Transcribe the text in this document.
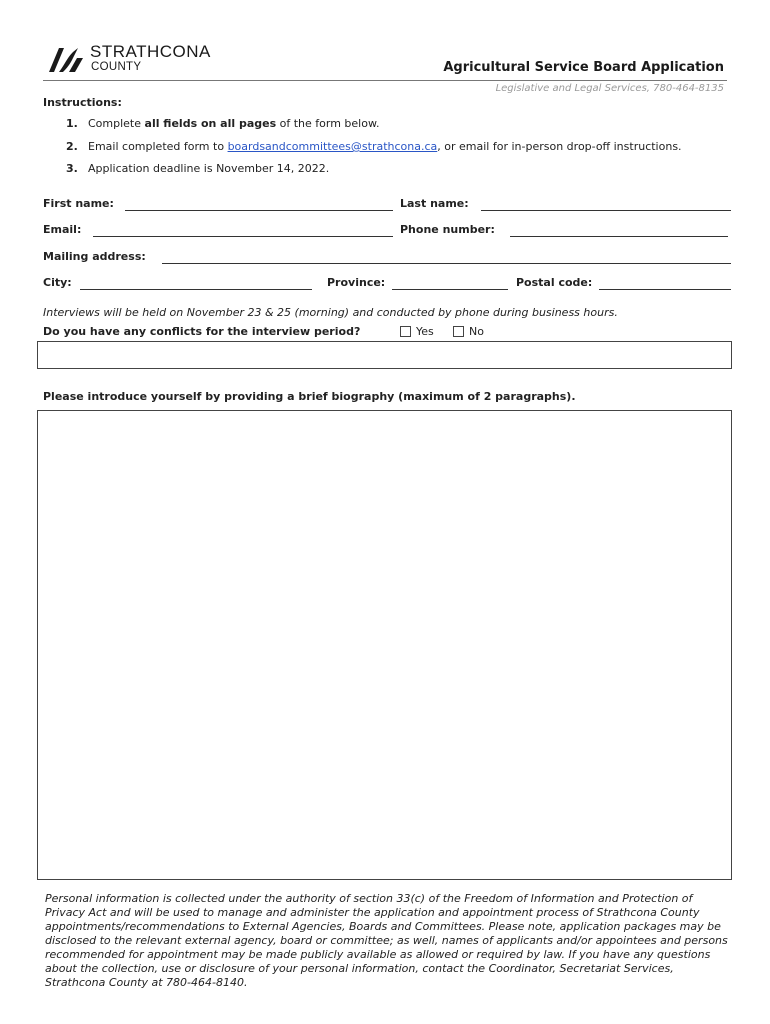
STRATHCONA
COUNTY	Agricultural Service Board Application
Legislative and Legal Services, 780-464-8135
Instructions:
1. Complete all fields on all pages of the form below.
2. Email completed form to boardsandcommittees@strathcona.ca, or email for in-person drop-off instructions.
3. Application deadline is November 14, 2022.
First name:	Last name:
Email:	Phone number:
Mailing address:
City:	Province:	Postal code:
Interviews will be held on November 23 & 25 (morning) and conducted by phone during business hours.
Do you have any conflicts for the interview period?	Yes	No
Please introduce yourself by providing a brief biography (maximum of 2 paragraphs).
Personal information is collected under the authority of section 33(c) of the Freedom of Information and Protection of Privacy Act and will be used to manage and administer the application and appointment process of Strathcona County appointments/recommendations to External Agencies, Boards and Committees. Please note, application packages may be disclosed to the relevant external agency, board or committee; as well, names of applicants and/or appointees and persons recommended for appointment may be made publicly available as allowed or required by law. If you have any questions about the collection, use or disclosure of your personal information, contact the Coordinator, Secretariat Services, Strathcona County at 780-464-8140.
